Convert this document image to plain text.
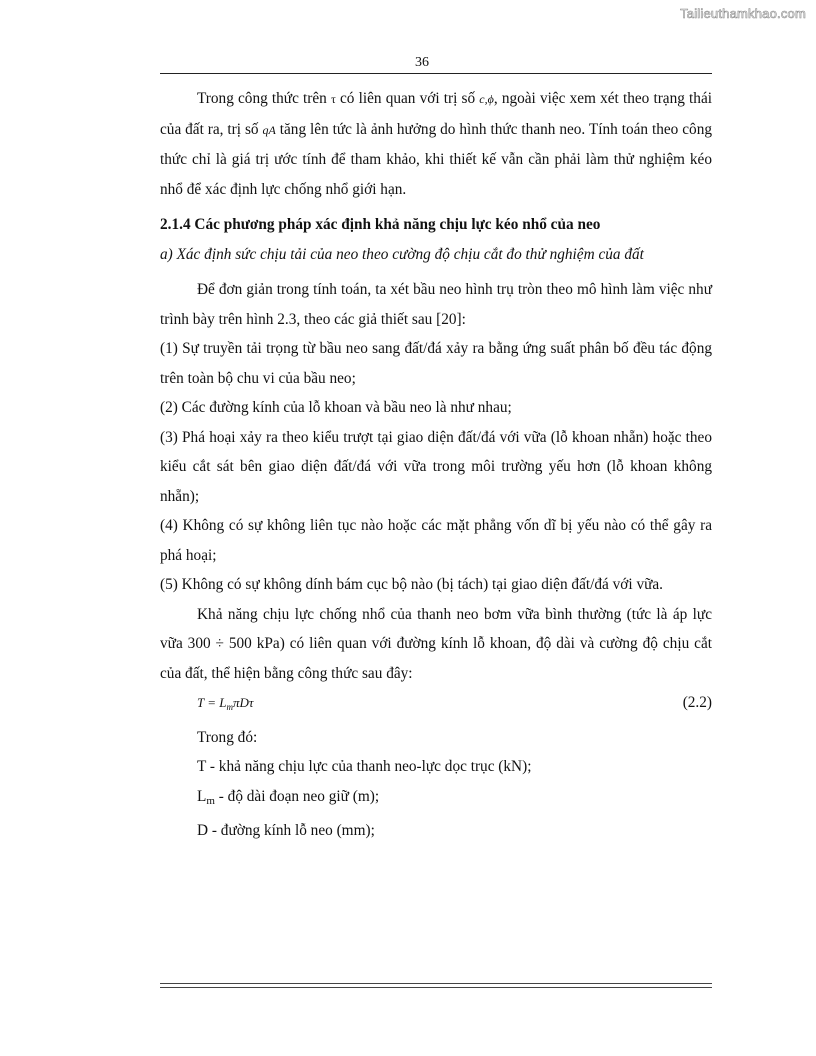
Tailieuthamkhao.com
36

Trong công thức trên τ có liên quan với trị số c,ϕ, ngoài việc xem xét theo trạng thái của đất ra, trị số qA tăng lên tức là ảnh hưởng do hình thức thanh neo. Tính toán theo công thức chỉ là giá trị ước tính để tham khảo, khi thiết kế vẫn cần phải làm thử nghiệm kéo nhổ để xác định lực chống nhổ giới hạn.

2.1.4 Các phương pháp xác định khả năng chịu lực kéo nhổ của neo

a) Xác định sức chịu tải của neo theo cường độ chịu cắt đo thử nghiệm của đất

Để đơn giản trong tính toán, ta xét bầu neo hình trụ tròn theo mô hình làm việc như trình bày trên hình 2.3, theo các giả thiết sau [20]:

(1) Sự truyền tải trọng từ bầu neo sang đất/đá xảy ra bằng ứng suất phân bố đều tác động trên toàn bộ chu vi của bầu neo;

(2) Các đường kính của lỗ khoan và bầu neo là như nhau;

(3) Phá hoại xảy ra theo kiểu trượt tại giao diện đất/đá với vữa (lỗ khoan nhẵn) hoặc theo kiểu cắt sát bên giao diện đất/đá với vữa trong môi trường yếu hơn (lỗ khoan không nhẵn);

(4) Không có sự không liên tục nào hoặc các mặt phẳng vốn dĩ bị yếu nào có thể gây ra phá hoại;

(5) Không có sự không dính bám cục bộ nào (bị tách) tại giao diện đất/đá với vữa.

Khả năng chịu lực chống nhổ của thanh neo bơm vữa bình thường (tức là áp lực vữa 300 ÷ 500 kPa) có liên quan với đường kính lỗ khoan, độ dài và cường độ chịu cắt của đất, thể hiện bằng công thức sau đây:

$T = L_m\pi D\tau$	(2.2)

Trong đó:

T - khả năng chịu lực của thanh neo-lực dọc trục (kN);

Lm - độ dài đoạn neo giữ (m);

D - đường kính lỗ neo (mm);
